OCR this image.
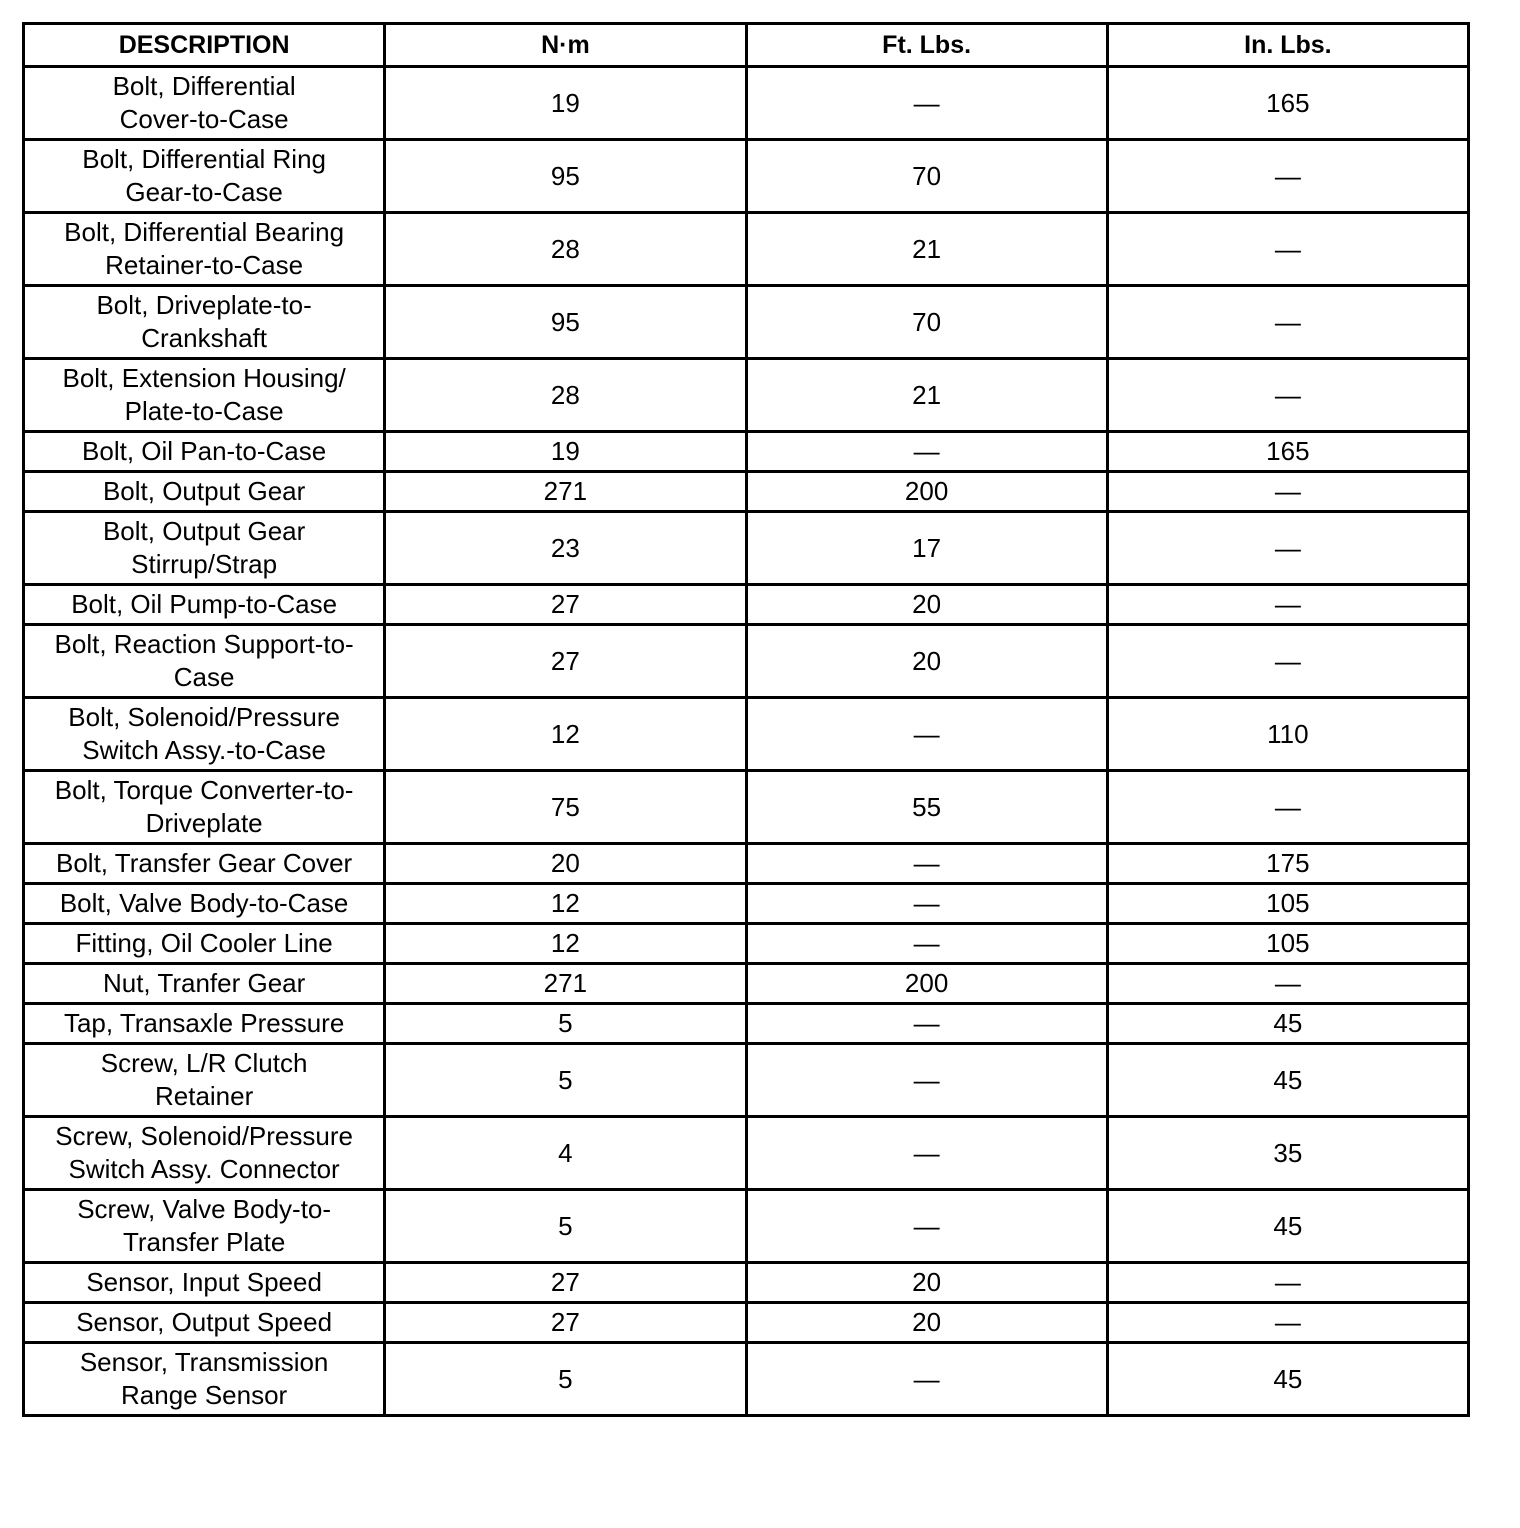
DESCRIPTION	N·m	Ft. Lbs.	In. Lbs.
Bolt, Differential
Cover-to-Case	19	—	165
Bolt, Differential Ring
Gear-to-Case	95	70	—
Bolt, Differential Bearing
Retainer-to-Case	28	21	—
Bolt, Driveplate-to-
Crankshaft	95	70	—
Bolt, Extension Housing/
Plate-to-Case	28	21	—
Bolt, Oil Pan-to-Case	19	—	165
Bolt, Output Gear	271	200	—
Bolt, Output Gear
Stirrup/Strap	23	17	—
Bolt, Oil Pump-to-Case	27	20	—
Bolt, Reaction Support-to-
Case	27	20	—
Bolt, Solenoid/Pressure
Switch Assy.-to-Case	12	—	110
Bolt, Torque Converter-to-
Driveplate	75	55	—
Bolt, Transfer Gear Cover	20	—	175
Bolt, Valve Body-to-Case	12	—	105
Fitting, Oil Cooler Line	12	—	105
Nut, Tranfer Gear	271	200	—
Tap, Transaxle Pressure	5	—	45
Screw, L/R Clutch
Retainer	5	—	45
Screw, Solenoid/Pressure
Switch Assy. Connector	4	—	35
Screw, Valve Body-to-
Transfer Plate	5	—	45
Sensor, Input Speed	27	20	—
Sensor, Output Speed	27	20	—
Sensor, Transmission
Range Sensor	5	—	45
